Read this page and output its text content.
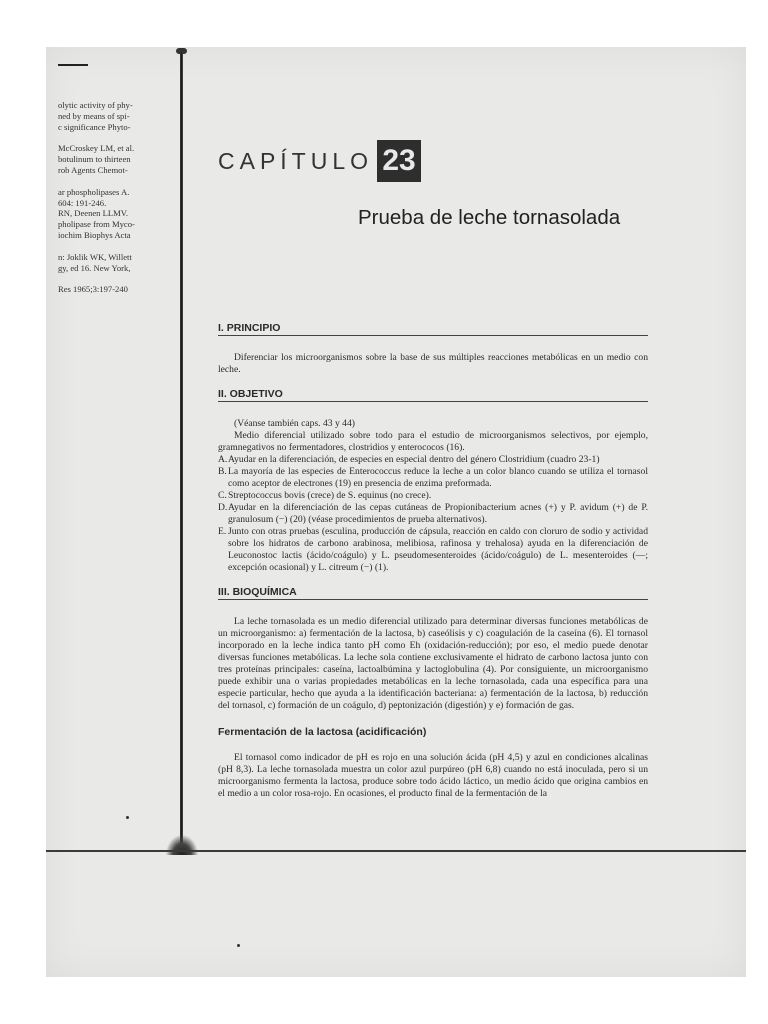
olytic activity of phy-
ned by means of spi-
c significance Phyto-
McCroskey LM, et al.
botulinum to thirteen
rob Agents Chemot-
ar phospholipases A.
604: 191-246.
RN, Deenen LLMV.
pholipase from Myco-
iochim Biophys Acta
n: Joklik WK, Willett
gy, ed 16. New York,
Res 1965;3:197-240
CAPÍTULO 23
Prueba de leche tornasolada
I. PRINCIPIO

Diferenciar los microorganismos sobre la base de sus múltiples reacciones metabólicas en un medio con leche.

II. OBJETIVO

(Véanse también caps. 43 y 44)

Medio diferencial utilizado sobre todo para el estudio de microorganismos selectivos, por ejemplo, gramnegativos no fermentadores, clostridios y enterococos (16).

A. Ayudar en la diferenciación, de especies en especial dentro del género Clostridium (cuadro 23-1)
B. La mayoría de las especies de Enterococcus reduce la leche a un color blanco cuando se utiliza el tornasol como aceptor de electrones (19) en presencia de enzima preformada.
C. Streptococcus bovis (crece) de S. equinus (no crece).
D. Ayudar en la diferenciación de las cepas cutáneas de Propionibacterium acnes (+) y P. avidum (+) de P. granulosum (−) (20) (véase procedimientos de prueba alternativos).
E. Junto con otras pruebas (esculina, producción de cápsula, reacción en caldo con cloruro de sodio y actividad sobre los hidratos de carbono arabinosa, melibiosa, rafinosa y trehalosa) ayuda en la diferenciación de Leuconostoc lactis (ácido/coágulo) y L. pseudomesenteroides (ácido/coágulo) de L. mesenteroides (—; excepción ocasional) y L. citreum (−) (1).
III. BIOQUÍMICA

La leche tornasolada es un medio diferencial utilizado para determinar diversas funciones metabólicas de un microorganismo: a) fermentación de la lactosa, b) caseólisis y c) coagulación de la caseína (6). El tornasol incorporado en la leche indica tanto pH como Eh (oxidación-reducción); por eso, el medio puede denotar diversas funciones metabólicas. La leche sola contiene exclusivamente el hidrato de carbono lactosa junto con tres proteínas principales: caseína, lactoalbúmina y lactoglobulina (4). Por consiguiente, un microorganismo puede exhibir una o varias propiedades metabólicas en la leche tornasolada, cada una específica para una especie particular, hecho que ayuda a la identificación bacteriana: a) fermentación de la lactosa, b) reducción del tornasol, c) formación de un coágulo, d) peptonización (digestión) y e) formación de gas.

Fermentación de la lactosa (acidificación)

El tornasol como indicador de pH es rojo en una solución ácida (pH 4,5) y azul en condiciones alcalinas (pH 8,3). La leche tornasolada muestra un color azul purpúreo (pH 6,8) cuando no está inoculada, pero si un microorganismo fermenta la lactosa, produce sobre todo ácido láctico, un medio ácido que origina cambios en el medio a un color rosa-rojo. En ocasiones, el producto final de la fermentación de la
